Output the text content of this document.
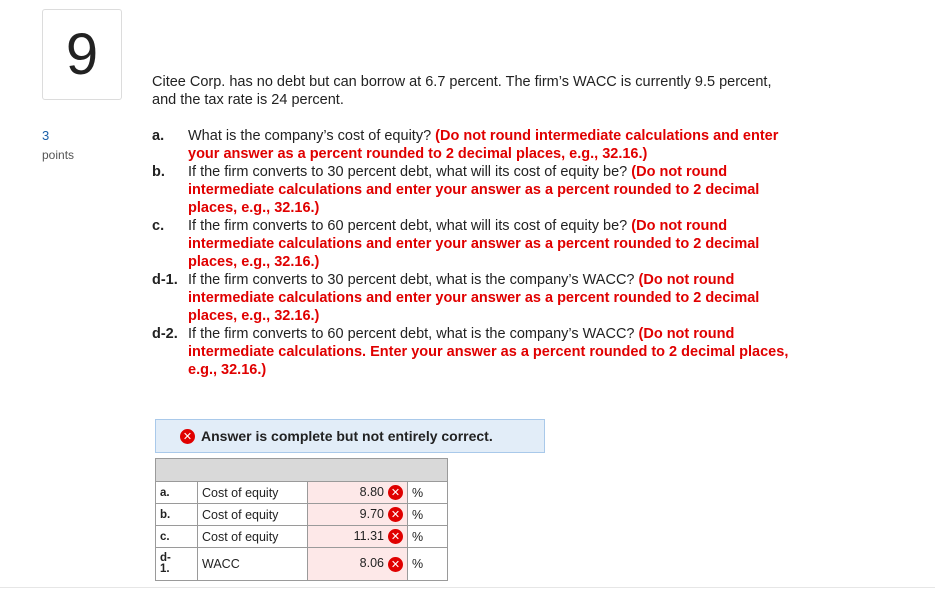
9
3
points
Citee Corp. has no debt but can borrow at 6.7 percent. The firm’s WACC is currently 9.5 percent, and the tax rate is 24 percent.
a.	What is the company’s cost of equity? (Do not round intermediate calculations and enter your answer as a percent rounded to 2 decimal places, e.g., 32.16.)
b.	If the firm converts to 30 percent debt, what will its cost of equity be? (Do not round intermediate calculations and enter your answer as a percent rounded to 2 decimal places, e.g., 32.16.)
c.	If the firm converts to 60 percent debt, what will its cost of equity be? (Do not round intermediate calculations and enter your answer as a percent rounded to 2 decimal places, e.g., 32.16.)
d-1. If the firm converts to 30 percent debt, what is the company’s WACC? (Do not round intermediate calculations and enter your answer as a percent rounded to 2 decimal places, e.g., 32.16.)
d-2. If the firm converts to 60 percent debt, what is the company’s WACC? (Do not round intermediate calculations. Enter your answer as a percent rounded to 2 decimal places, e.g., 32.16.)
✕ Answer is complete but not entirely correct.

a.	Cost of equity	8.80 ✕	%
b.	Cost of equity	9.70 ✕	%
c.	Cost of equity	11.31 ✕	%

d-
1.	WACC	8.06 ✕	%
